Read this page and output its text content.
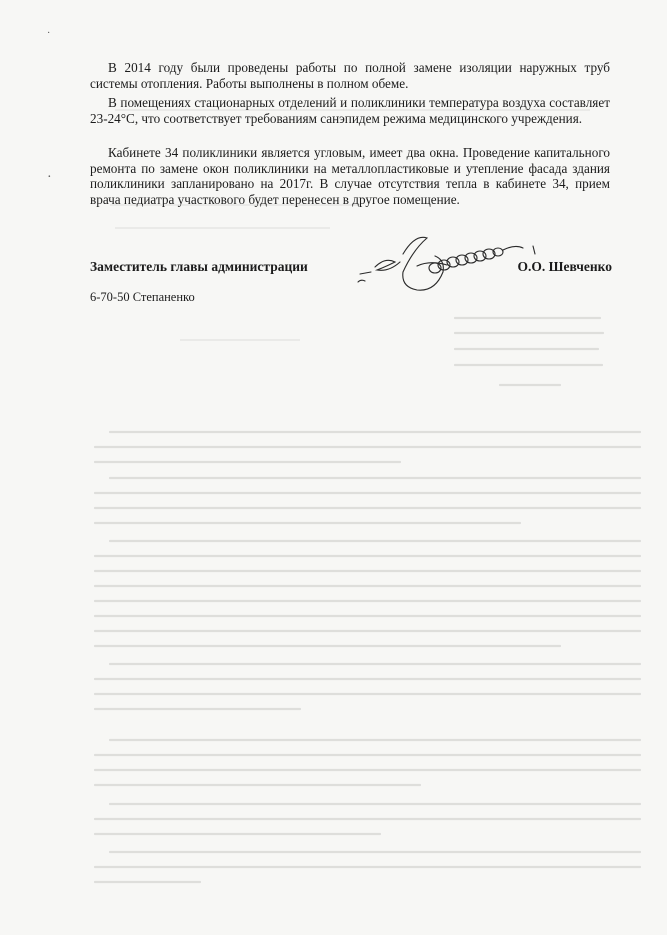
·
·

В 2014 году были проведены работы по полной замене изоляции наружных труб системы отопления. Работы выполнены в полном обеме.

В помещениях стационарных отделений и поликлиники температура воздуха составляет 23-24°С, что соответствует требованиям санэпидем режима медицинского учреждения.

Кабинете 34 поликлиники является угловым, имеет два окна. Проведение капитального ремонта по замене окон поликлиники на металлопластиковые и утепление фасада здания поликлиники запланировано на 2017г. В случае отсутствия тепла в кабинете 34, прием врача педиатра участкового будет перенесен в другое помещение.

Заместитель главы администрации	О.О. Шевченко
6-70-50 Степаненко
